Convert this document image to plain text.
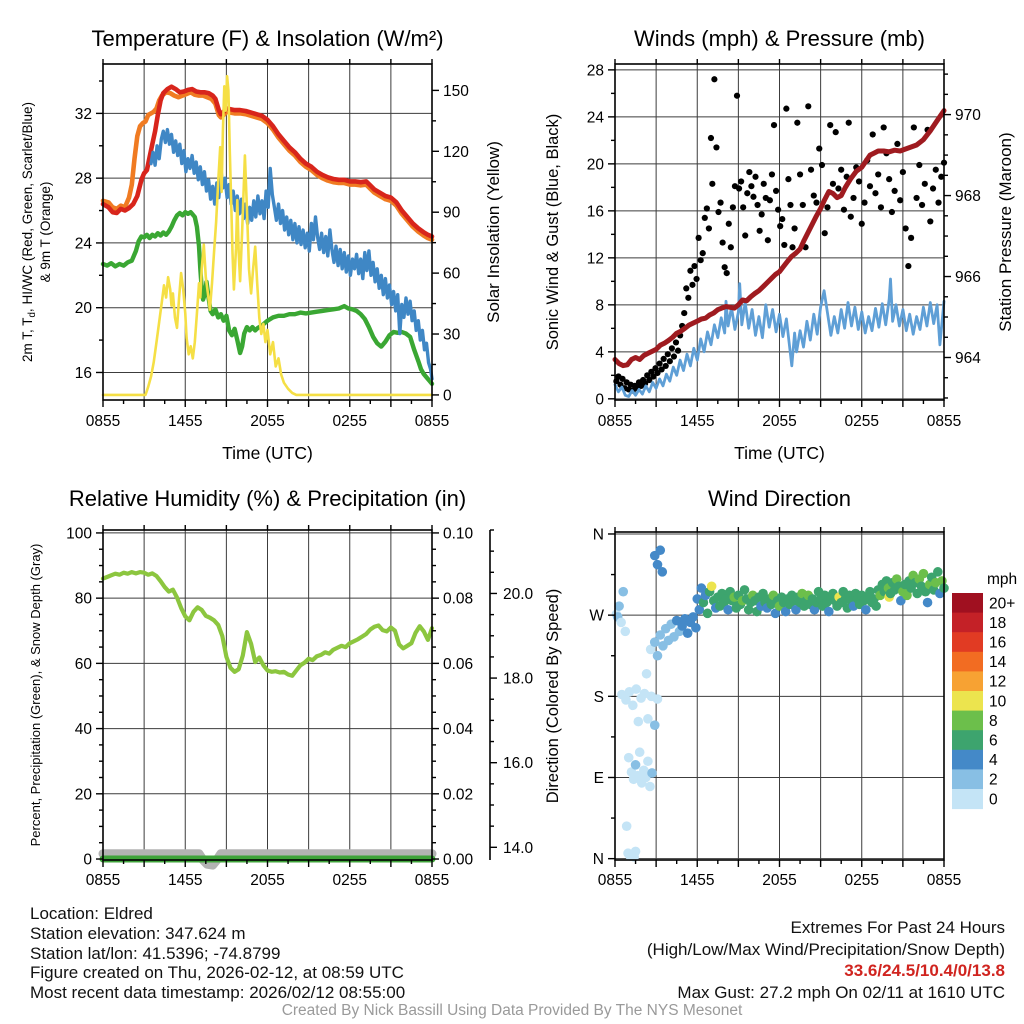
0855	1455	2055	0255	0855
Time (UTC)
16
20
24
28
32
2m T, $T_d$, HI/WC (Red, Green, Scarlet/Blue) & 9m T (Orange)
0
30
60
90
120
150
Solar Insolation (Yellow)
Temperature (F) & Insolation (W/m²)
0855	1455	2055	0255	0855
Time (UTC)
0
4
8
12
16
20
24
28
Sonic Wind & Gust (Blue, Black)
964
966
968
970
Station Pressure (Maroon)
Winds (mph) & Pressure (mb)
0855	1455	2055	0255	0855
0
20
40
60
80
100
Percent, Precipitation (Green), & Snow Depth (Gray)
0.00
0.02
0.04
0.06
0.08
0.10
14.0
16.0
18.0
20.0
Relative Humidity (%) & Precipitation (in)
0855	1455	2055	0255	0855
N
E
S
W
N
Direction (Colored By Speed)
Wind Direction
mph
20+
18
16
14
12
10
8
6
4
2
0
Location: Eldred
Station elevation: 347.624 m
Station lat/lon: 41.5396; -74.8799
Figure created on Thu, 2026-02-12, at 08:59 UTC
Most recent data timestamp: 2026/02/12 08:55:00
Extremes For Past 24 Hours
(High/Low/Max Wind/Precipitation/Snow Depth)
33.6/24.5/10.4/0/13.8
Max Gust: 27.2 mph On 02/11 at 1610 UTC
Created By Nick Bassill Using Data Provided By The NYS Mesonet
